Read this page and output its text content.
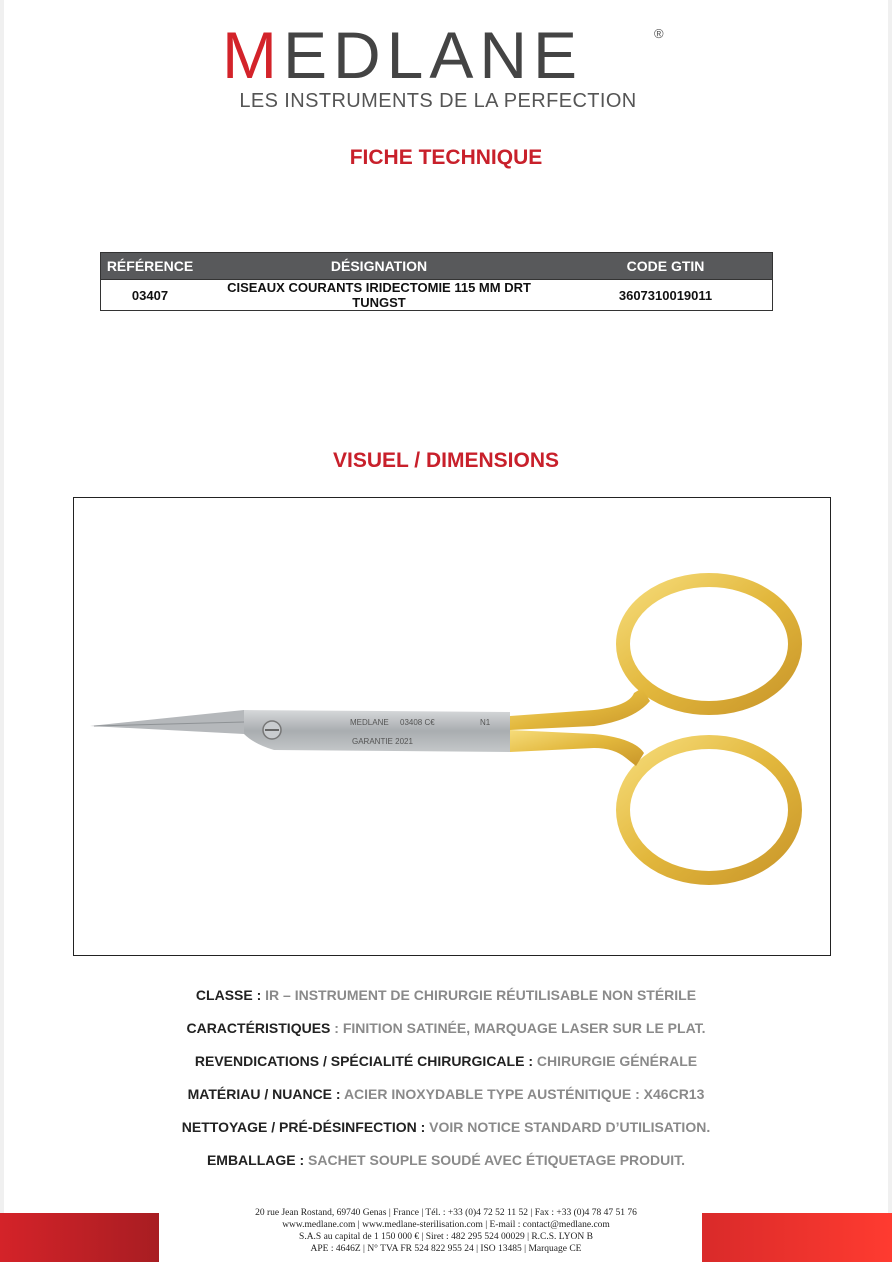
MEDLANE	®
LES INSTRUMENTS DE LA PERFECTION
FICHE TECHNIQUE
RÉFÉRENCE	DÉSIGNATION	CODE GTIN
03407	CISEAUX COURANTS IRIDECTOMIE 115 MM DRT TUNGST	3607310019011
VISUEL / DIMENSIONS
MEDLANE 03408 C€	N1
GARANTIE 2021
CLASSE : IR – INSTRUMENT DE CHIRURGIE RÉUTILISABLE NON STÉRILE
CARACTÉRISTIQUES : FINITION SATINÉE, MARQUAGE LASER SUR LE PLAT.
REVENDICATIONS / SPÉCIALITÉ CHIRURGICALE : CHIRURGIE GÉNÉRALE
MATÉRIAU / NUANCE : ACIER INOXYDABLE TYPE AUSTÉNITIQUE : X46CR13
NETTOYAGE / PRÉ-DÉSINFECTION : VOIR NOTICE STANDARD D’UTILISATION.
EMBALLAGE : SACHET SOUPLE SOUDÉ AVEC ÉTIQUETAGE PRODUIT.
20 rue Jean Rostand, 69740 Genas | France | Tél. : +33 (0)4 72 52 11 52 | Fax : +33 (0)4 78 47 51 76
www.medlane.com | www.medlane-sterilisation.com | E-mail : contact@medlane.com
S.A.S au capital de 1 150 000 € | Siret : 482 295 524 00029 | R.C.S. LYON B
APE : 4646Z | N° TVA FR 524 822 955 24 | ISO 13485 | Marquage CE
